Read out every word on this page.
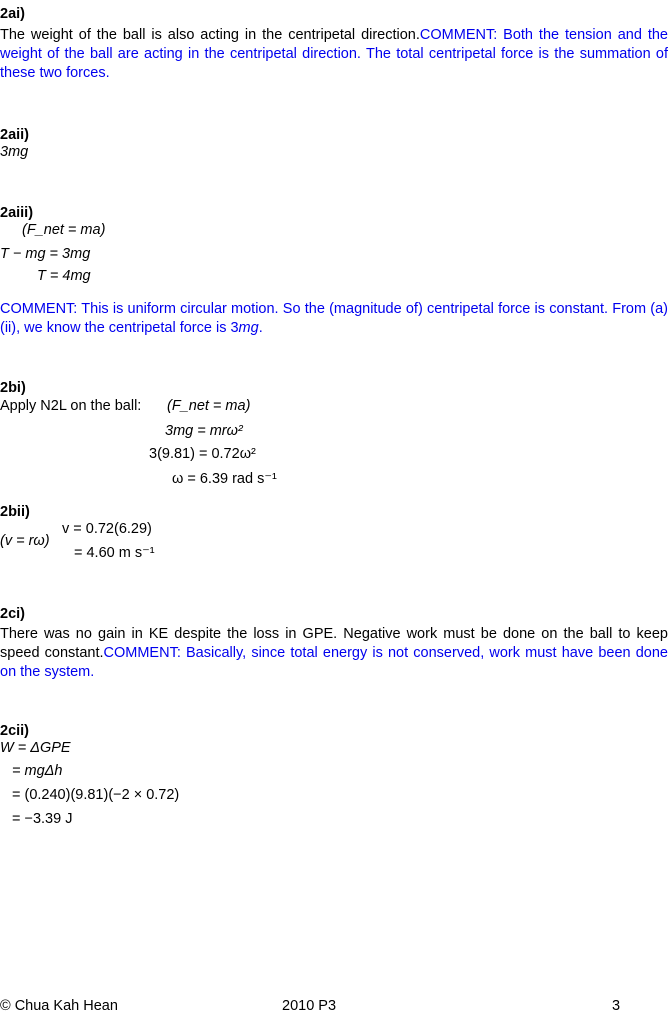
2ai)
The weight of the ball is also acting in the centripetal direction.COMMENT: Both the tension and the weight of the ball are acting in the centripetal direction. The total centripetal force is the summation of these two forces.
2aii)
3mg
2aiii)
(F_net = ma)
T − mg = 3mg
T = 4mg
COMMENT: This is uniform circular motion. So the (magnitude of) centripetal force is constant. From (a)(ii), we know the centripetal force is 3mg.
2bi)
Apply N2L on the ball: (F_net = ma)
3mg = mrω²
3(9.81) = 0.72ω²
ω = 6.39 rad s⁻¹
2bii)
(v = rω)
v = 0.72(6.29)
= 4.60 m s⁻¹
2ci)
There was no gain in KE despite the loss in GPE. Negative work must be done on the ball to keep speed constant.COMMENT: Basically, since total energy is not conserved, work must have been done on the system.
2cii)
W = ΔGPE
= mgΔh
= (0.240)(9.81)(−2 × 0.72)
= −3.39 J
© Chua Kah Hean	2010 P3	3
